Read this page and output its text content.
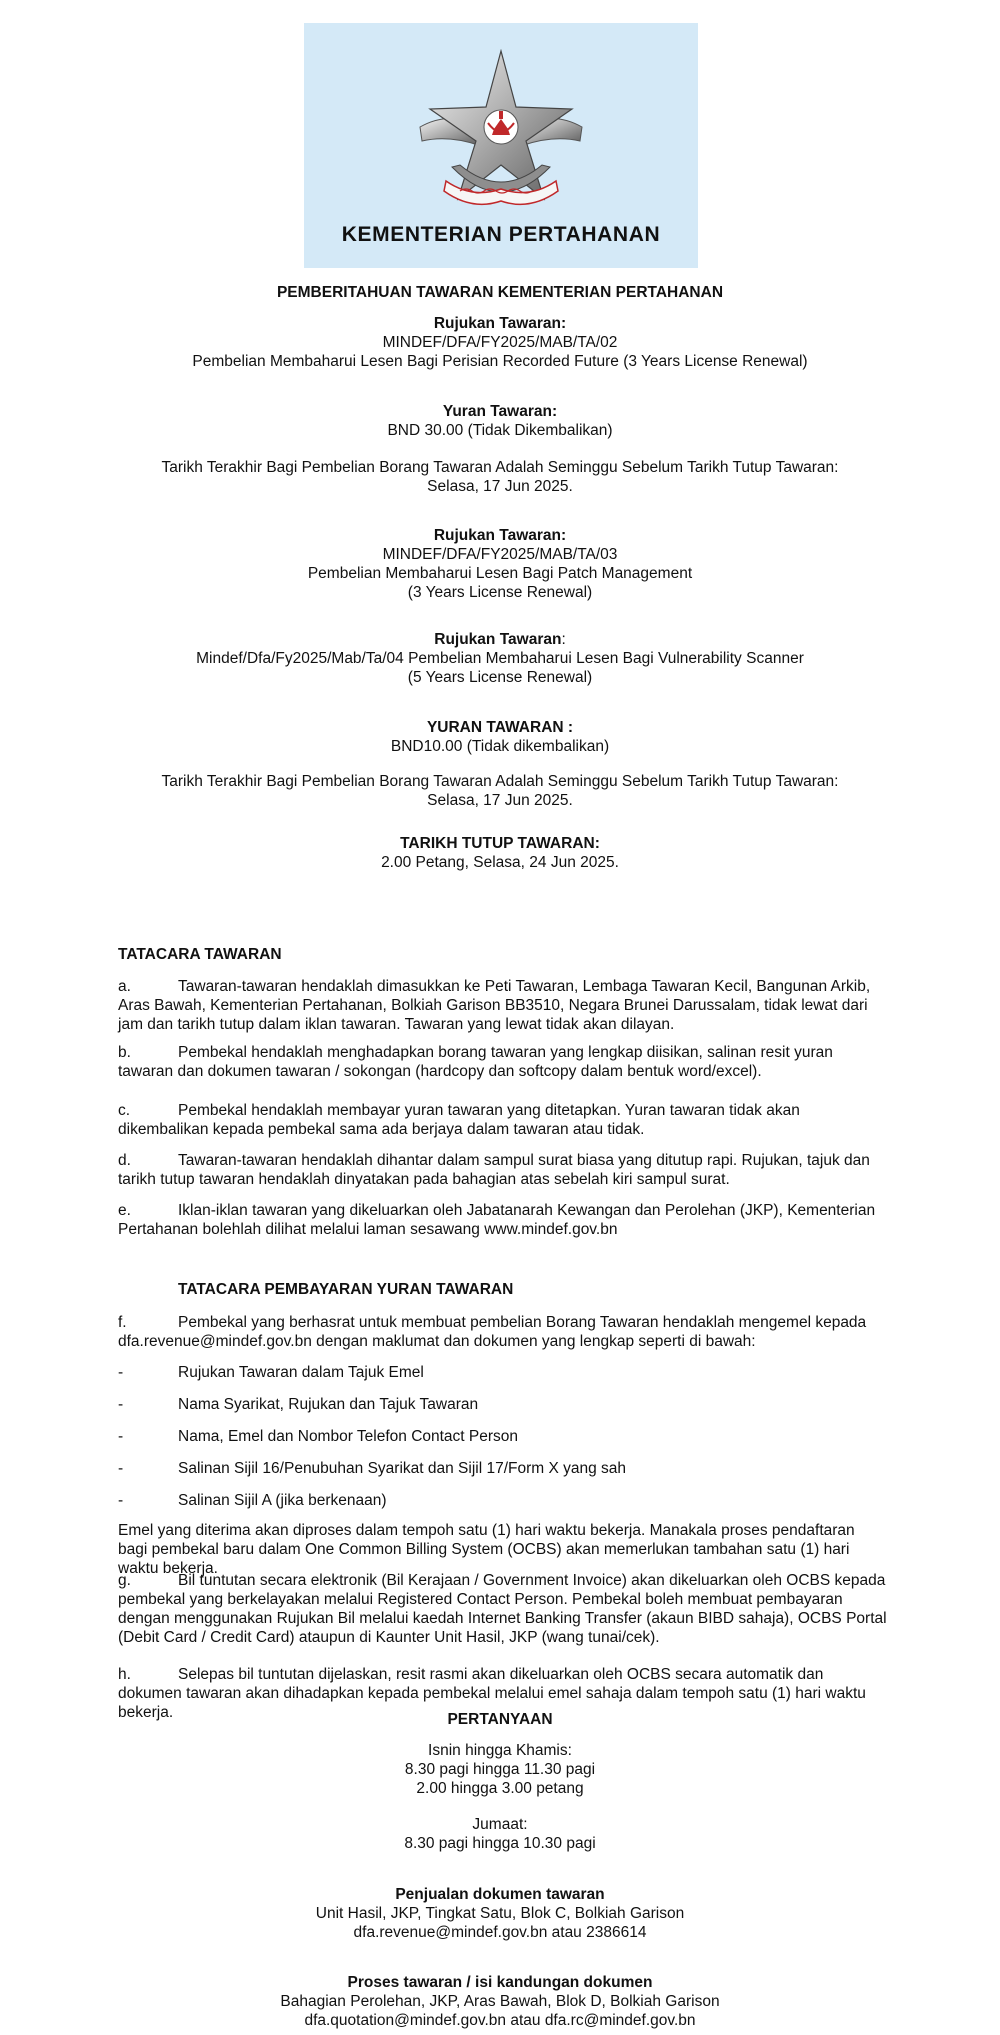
KEMENTERIAN PERTAHANAN
PEMBERITAHUAN TAWARAN KEMENTERIAN PERTAHANAN
Rujukan Tawaran:
MINDEF/DFA/FY2025/MAB/TA/02
Pembelian Membaharui Lesen Bagi Perisian Recorded Future (3 Years License Renewal)
Yuran Tawaran:
BND 30.00 (Tidak Dikembalikan)
Tarikh Terakhir Bagi Pembelian Borang Tawaran Adalah Seminggu Sebelum Tarikh Tutup Tawaran:
Selasa, 17 Jun 2025.
Rujukan Tawaran:
MINDEF/DFA/FY2025/MAB/TA/03
Pembelian Membaharui Lesen Bagi Patch Management
(3 Years License Renewal)
Rujukan Tawaran:
Mindef/Dfa/Fy2025/Mab/Ta/04 Pembelian Membaharui Lesen Bagi Vulnerability Scanner
(5 Years License Renewal)
YURAN TAWARAN :
BND10.00 (Tidak dikembalikan)
Tarikh Terakhir Bagi Pembelian Borang Tawaran Adalah Seminggu Sebelum Tarikh Tutup Tawaran:
Selasa, 17 Jun 2025.
TARIKH TUTUP TAWARAN:
2.00 Petang, Selasa, 24 Jun 2025.
TATACARA TAWARAN
a.	Tawaran-tawaran hendaklah dimasukkan ke Peti Tawaran, Lembaga Tawaran Kecil, Bangunan Arkib, Aras Bawah, Kementerian Pertahanan, Bolkiah Garison BB3510, Negara Brunei Darussalam, tidak lewat dari jam dan tarikh tutup dalam iklan tawaran. Tawaran yang lewat tidak akan dilayan.
b.	Pembekal hendaklah menghadapkan borang tawaran yang lengkap diisikan, salinan resit yuran tawaran dan dokumen tawaran / sokongan (hardcopy dan softcopy dalam bentuk word/excel).
c.	Pembekal hendaklah membayar yuran tawaran yang ditetapkan. Yuran tawaran tidak akan dikembalikan kepada pembekal sama ada berjaya dalam tawaran atau tidak.
d.	Tawaran-tawaran hendaklah dihantar dalam sampul surat biasa yang ditutup rapi. Rujukan, tajuk dan tarikh tutup tawaran hendaklah dinyatakan pada bahagian atas sebelah kiri sampul surat.
e.	Iklan-iklan tawaran yang dikeluarkan oleh Jabatanarah Kewangan dan Perolehan (JKP), Kementerian Pertahanan bolehlah dilihat melalui laman sesawang www.mindef.gov.bn
TATACARA PEMBAYARAN YURAN TAWARAN
f.	Pembekal yang berhasrat untuk membuat pembelian Borang Tawaran hendaklah mengemel kepada dfa.revenue@mindef.gov.bn dengan maklumat dan dokumen yang lengkap seperti di bawah:
-	Rujukan Tawaran dalam Tajuk Emel
-	Nama Syarikat, Rujukan dan Tajuk Tawaran
-	Nama, Emel dan Nombor Telefon Contact Person
-	Salinan Sijil 16/Penubuhan Syarikat dan Sijil 17/Form X yang sah
-	Salinan Sijil A (jika berkenaan)
Emel yang diterima akan diproses dalam tempoh satu (1) hari waktu bekerja. Manakala proses pendaftaran bagi pembekal baru dalam One Common Billing System (OCBS) akan memerlukan tambahan satu (1) hari waktu bekerja.
g.	Bil tuntutan secara elektronik (Bil Kerajaan / Government Invoice) akan dikeluarkan oleh OCBS kepada pembekal yang berkelayakan melalui Registered Contact Person. Pembekal boleh membuat pembayaran dengan menggunakan Rujukan Bil melalui kaedah Internet Banking Transfer (akaun BIBD sahaja), OCBS Portal (Debit Card / Credit Card) ataupun di Kaunter Unit Hasil, JKP (wang tunai/cek).
h.	Selepas bil tuntutan dijelaskan, resit rasmi akan dikeluarkan oleh OCBS secara automatik dan dokumen tawaran akan dihadapkan kepada pembekal melalui emel sahaja dalam tempoh satu (1) hari waktu bekerja.	PERTANYAAN
Isnin hingga Khamis:
8.30 pagi hingga 11.30 pagi
2.00 hingga 3.00 petang
Jumaat:
8.30 pagi hingga 10.30 pagi
Penjualan dokumen tawaran
Unit Hasil, JKP, Tingkat Satu, Blok C, Bolkiah Garison
dfa.revenue@mindef.gov.bn atau 2386614
Proses tawaran / isi kandungan dokumen
Bahagian Perolehan, JKP, Aras Bawah, Blok D, Bolkiah Garison
dfa.quotation@mindef.gov.bn atau dfa.rc@mindef.gov.bn
